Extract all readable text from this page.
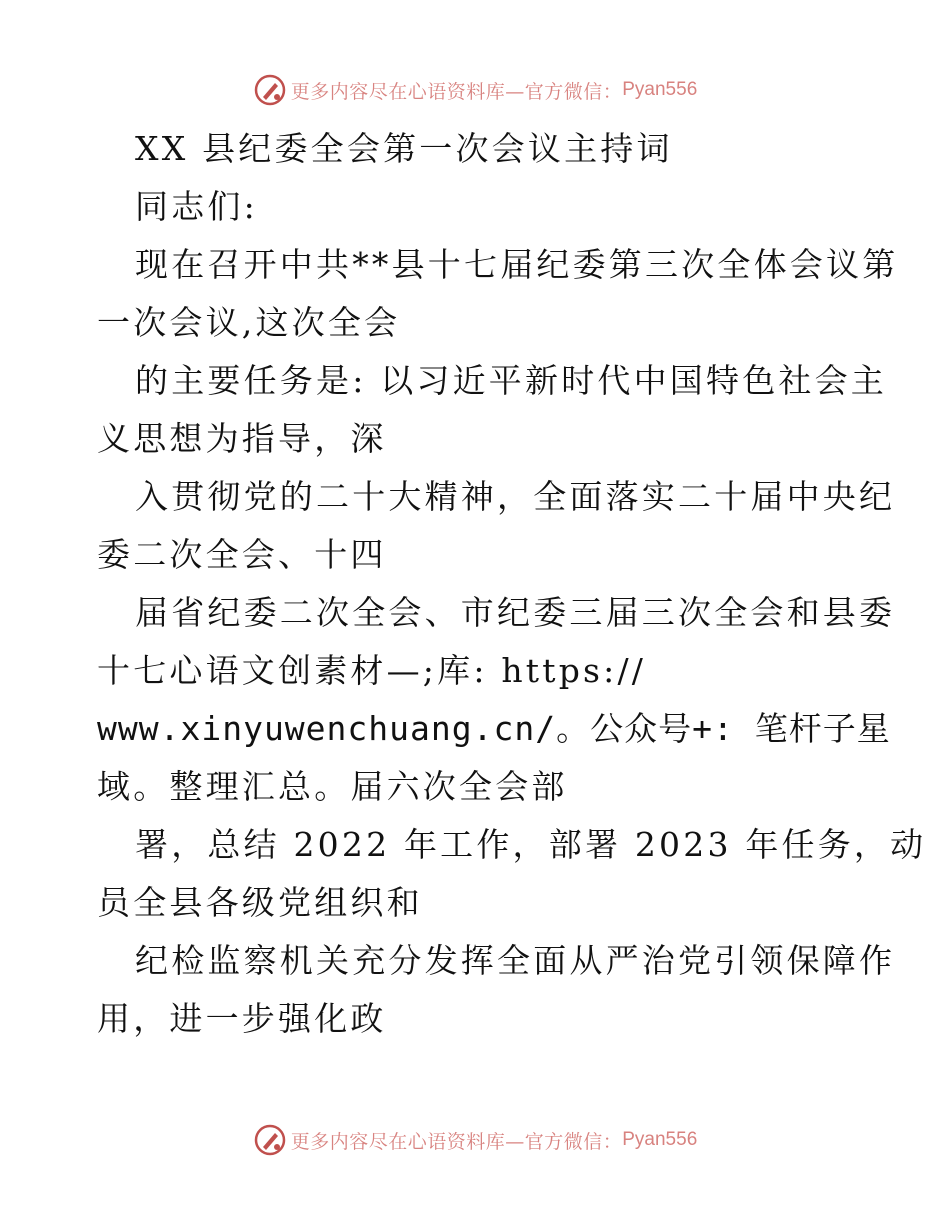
更多内容尽在心语资料库—官方微信： Pyan556
XX 县纪委全会第一次会议主持词
同志们:
现在召开中共**县十七届纪委第三次全体会议第
一次会议,这次全会
的主要任务是: 以习近平新时代中国特色社会主
义思想为指导，深
入贯彻党的二十大精神，全面落实二十届中央纪
委二次全会、十四
届省纪委二次全会、市纪委三届三次全会和县委
十七心语文创素材—;库: https://
www.xinyuwenchuang.cn/。公众号+: 笔杆子星
域。整理汇总。届六次全会部
署，总结 2022 年工作，部署 2023 年任务，动
员全县各级党组织和
纪检监察机关充分发挥全面从严治党引领保障作
用，进一步强化政
更多内容尽在心语资料库—官方微信： Pyan556
